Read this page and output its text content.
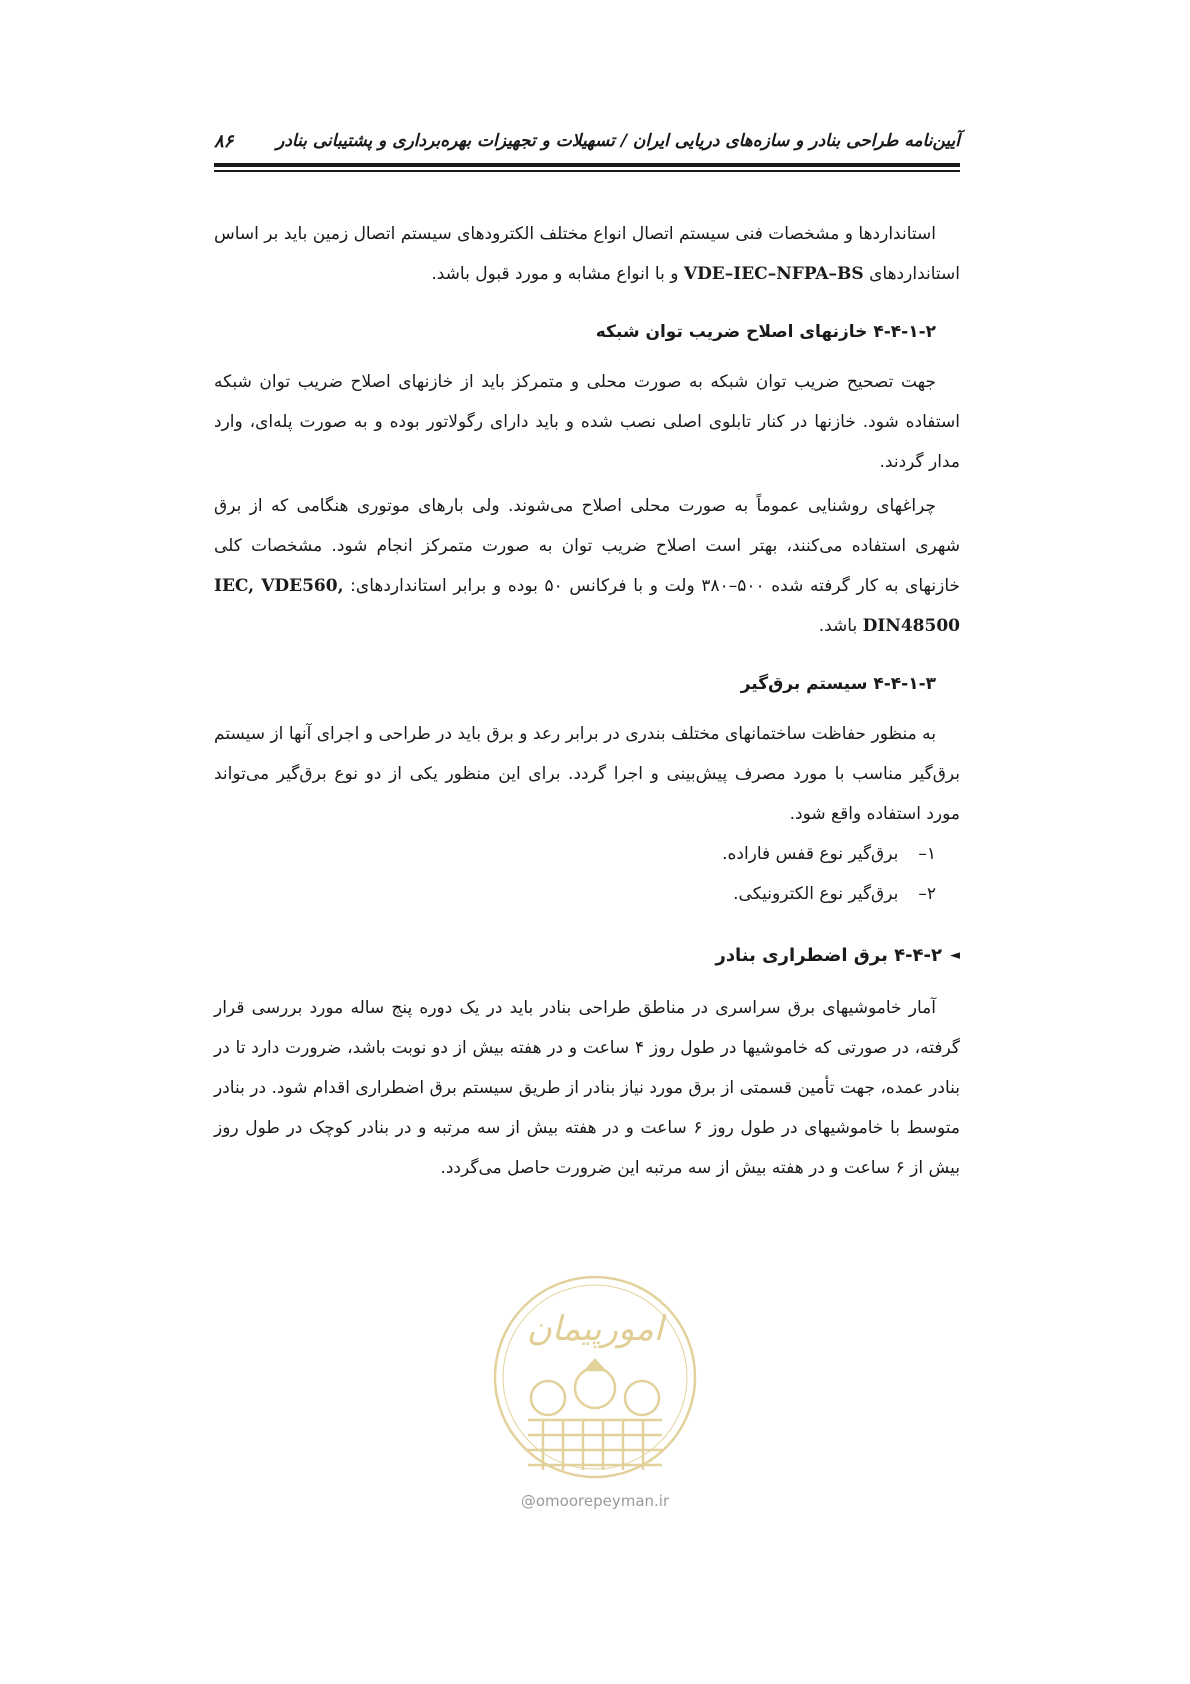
آیین‌نامه طراحی بنادر و سازه‌های دریایی ایران / تسهیلات و تجهیزات بهره‌برداری و پشتیبانی بنادر
۸۶

استانداردها و مشخصات فنی سیستم اتصال انواع مختلف الکترودهای سیستم اتصال زمین باید بر اساس استانداردهای VDE–IEC–NFPA–BS و با انواع مشابه و مورد قبول باشد.

۴-۴-۱-۲ خازنهای اصلاح ضریب توان شبکه

جهت تصحیح ضریب توان شبکه به صورت محلی و متمرکز باید از خازنهای اصلاح ضریب توان شبکه استفاده شود. خازنها در کنار تابلوی اصلی نصب شده و باید دارای رگولاتور بوده و به صورت پله‌ای، وارد مدار گردند.

چراغهای روشنایی عموماً به صورت محلی اصلاح می‌شوند. ولی بارهای موتوری هنگامی که از برق شهری استفاده می‌کنند، بهتر است اصلاح ضریب توان به صورت متمرکز انجام شود. مشخصات کلی خازنهای به کار گرفته شده ۵۰۰–۳۸۰ ولت و با فرکانس ۵۰ بوده و برابر استانداردهای: IEC, VDE560, DIN48500 باشد.

۴-۴-۱-۳ سیستم برق‌گیر

به منظور حفاظت ساختمانهای مختلف بندری در برابر رعد و برق باید در طراحی و اجرای آنها از سیستم برق‌گیر مناسب با مورد مصرف پیش‌بینی و اجرا گردد. برای این منظور یکی از دو نوع برق‌گیر می‌تواند مورد استفاده واقع شود.

۱–
برق‌گیر نوع قفس فاراده.
۲–
برق‌گیر نوع الکترونیکی.
◄
۴-۴-۲ برق اضطراری بنادر

آمار خاموشیهای برق سراسری در مناطق طراحی بنادر باید در یک دوره پنج ساله مورد بررسی قرار گرفته، در صورتی که خاموشیها در طول روز ۴ ساعت و در هفته بیش از دو نوبت باشد، ضرورت دارد تا در بنادر عمده، جهت تأمین قسمتی از برق مورد نیاز بنادر از طریق سیستم برق اضطراری اقدام شود. در بنادر متوسط با خاموشیهای در طول روز ۶ ساعت و در هفته بیش از سه مرتبه و در بنادر کوچک در طول روز بیش از ۶ ساعت و در هفته بیش از سه مرتبه این ضرورت حاصل می‌گردد.

امورپیمان
@omoorepeyman.ir
